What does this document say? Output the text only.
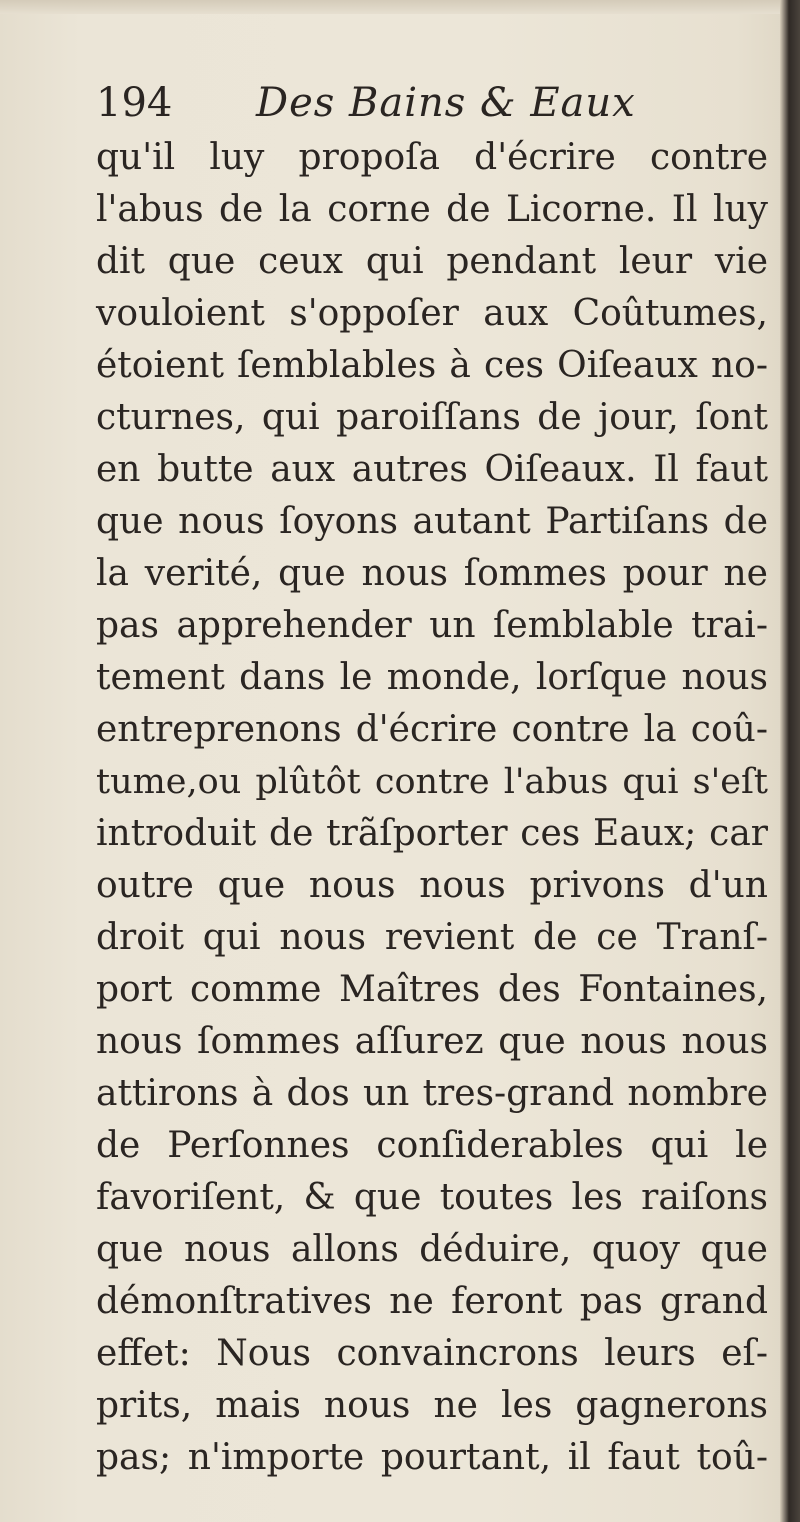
194 Des Bains & Eaux
qu'il luy propoſa d'écrire contre
l'abus de la corne de Licorne. Il luy
dit que ceux qui pendant leur vie
vouloient s'oppoſer aux Coûtumes,
étoient ſemblables à ces Oiſeaux no-
cturnes, qui paroiſſans de jour, ſont
en butte aux autres Oiſeaux. Il faut
que nous ſoyons autant Partiſans de
la verité, que nous ſommes pour ne
pas apprehender un ſemblable trai-
tement dans le monde, lorſque nous
entreprenons d'écrire contre la coû-
tume,ou plûtôt contre l'abus qui s'eſt
introduit de trãſporter ces Eaux; car
outre que nous nous privons d'un
droit qui nous revient de ce Tranſ-
port comme Maîtres des Fontaines,
nous ſommes aſſurez que nous nous
attirons à dos un tres-grand nombre
de Perſonnes conſiderables qui le
favoriſent, & que toutes les raiſons
que nous allons déduire, quoy que
démonſtratives ne feront pas grand
effet: Nous convaincrons leurs eſ-
prits, mais nous ne les gagnerons
pas; n'importe pourtant, il faut toû-
